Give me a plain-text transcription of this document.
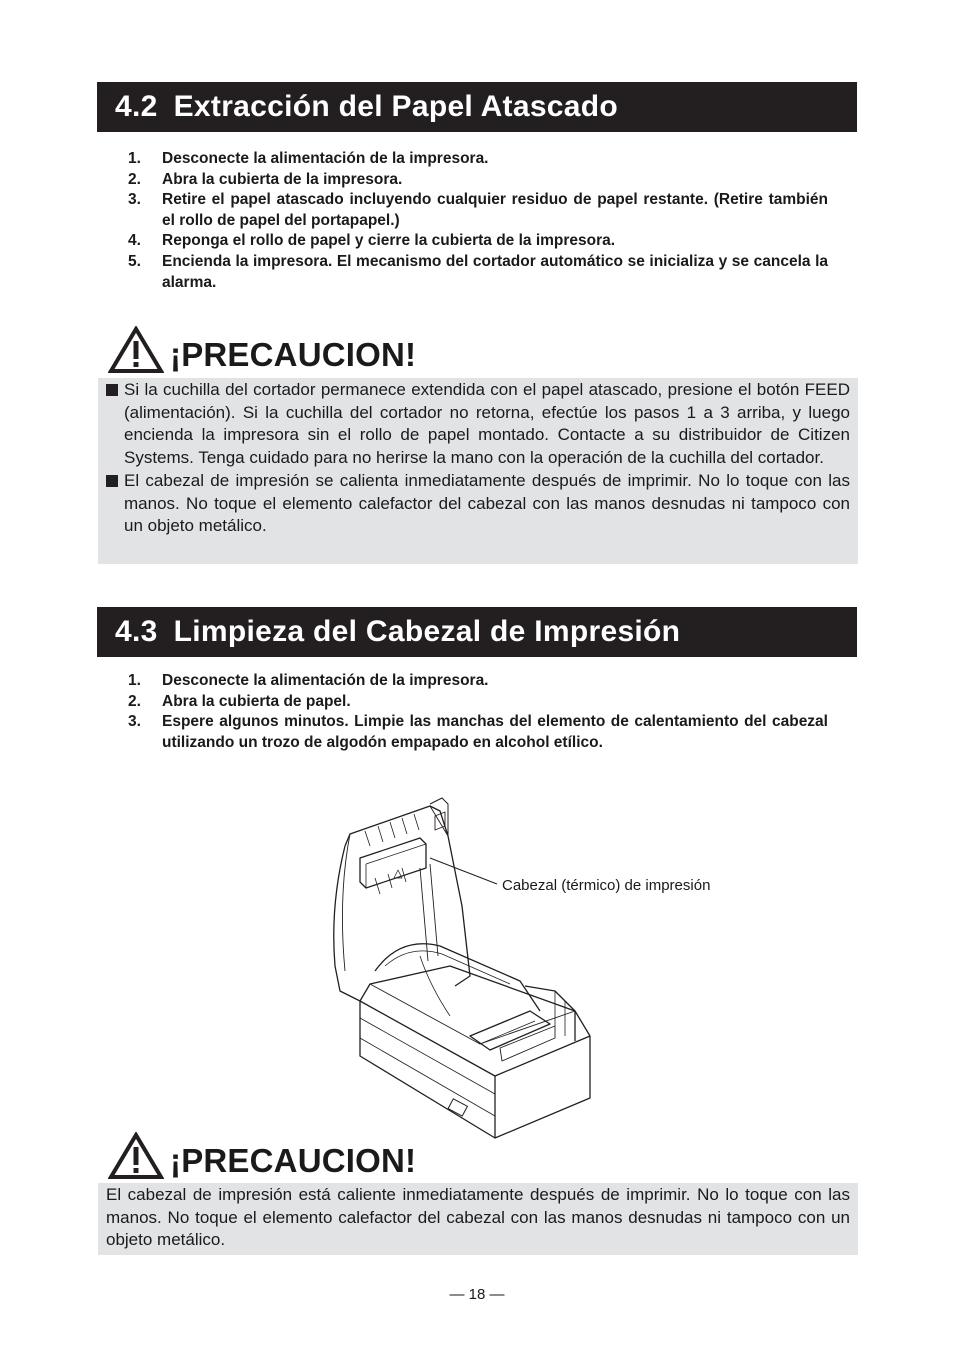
4.2 Extracción del Papel Atascado
1. Desconecte la alimentación de la impresora.
2. Abra la cubierta de la impresora.
3. Retire el papel atascado incluyendo cualquier residuo de papel restante. (Retire también el rollo de papel del portapapel.)
4. Reponga el rollo de papel y cierre la cubierta de la impresora.
5. Encienda la impresora. El mecanismo del cortador automático se inicializa y se cancela la alarma.
¡PRECAUCION!
Si la cuchilla del cortador permanece extendida con el papel atascado, presione el botón FEED (alimentación). Si la cuchilla del cortador no retorna, efectúe los pasos 1 a 3 arriba, y luego encienda la impresora sin el rollo de papel montado. Contacte a su distribuidor de Citizen Systems. Tenga cuidado para no herirse la mano con la operación de la cuchilla del cortador.
El cabezal de impresión se calienta inmediatamente después de imprimir. No lo toque con las manos. No toque el elemento calefactor del cabezal con las manos desnudas ni tampoco con un objeto metálico.
4.3 Limpieza del Cabezal de Impresión
1. Desconecte la alimentación de la impresora.
2. Abra la cubierta de papel.
3. Espere algunos minutos. Limpie las manchas del elemento de calentamiento del cabezal utilizando un trozo de algodón empapado en alcohol etílico.
Cabezal (térmico) de impresión
¡PRECAUCION!
El cabezal de impresión está caliente inmediatamente después de imprimir. No lo toque con las manos. No toque el elemento calefactor del cabezal con las manos desnudas ni tampoco con un objeto metálico.
— 18 —
